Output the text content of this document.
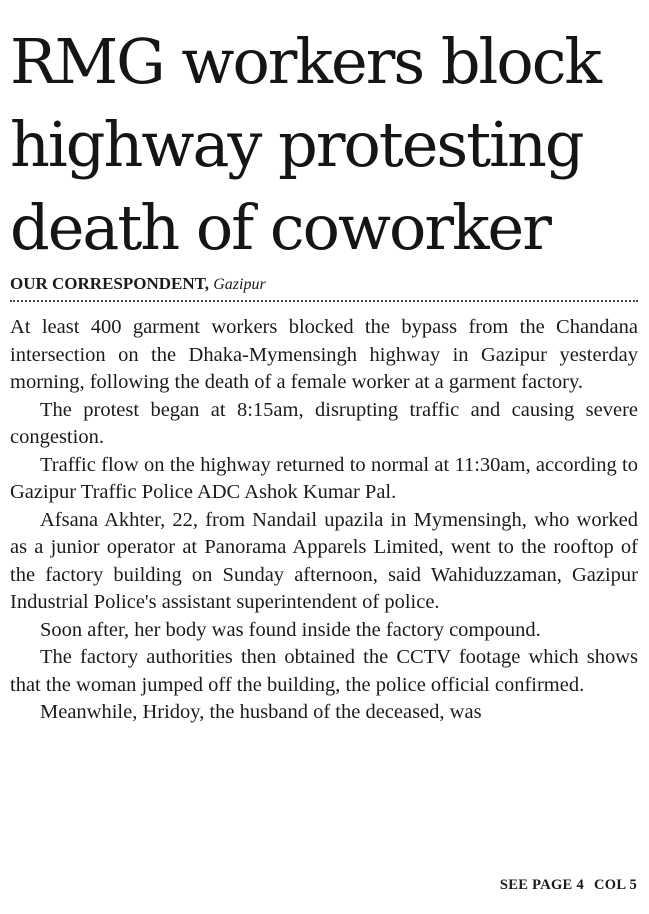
RMG workers block highway protesting death of coworker
OUR CORRESPONDENT, Gazipur

At least 400 garment workers blocked the bypass from the Chandana intersection on the Dhaka-Mymensingh highway in Gazipur yesterday morning, following the death of a female worker at a garment factory.

The protest began at 8:15am, disrupting traffic and causing severe congestion.

Traffic flow on the highway returned to normal at 11:30am, according to Gazipur Traffic Police ADC Ashok Kumar Pal.

Afsana Akhter, 22, from Nandail upazila in Mymensingh, who worked as a junior operator at Panorama Apparels Limited, went to the rooftop of the factory building on Sunday afternoon, said Wahiduzzaman, Gazipur Industrial Police's assistant superintendent of police.

Soon after, her body was found inside the factory compound.

The factory authorities then obtained the CCTV footage which shows that the woman jumped off the building, the police official confirmed.

Meanwhile, Hridoy, the husband of the deceased, was

SEE PAGE 4 COL 5
